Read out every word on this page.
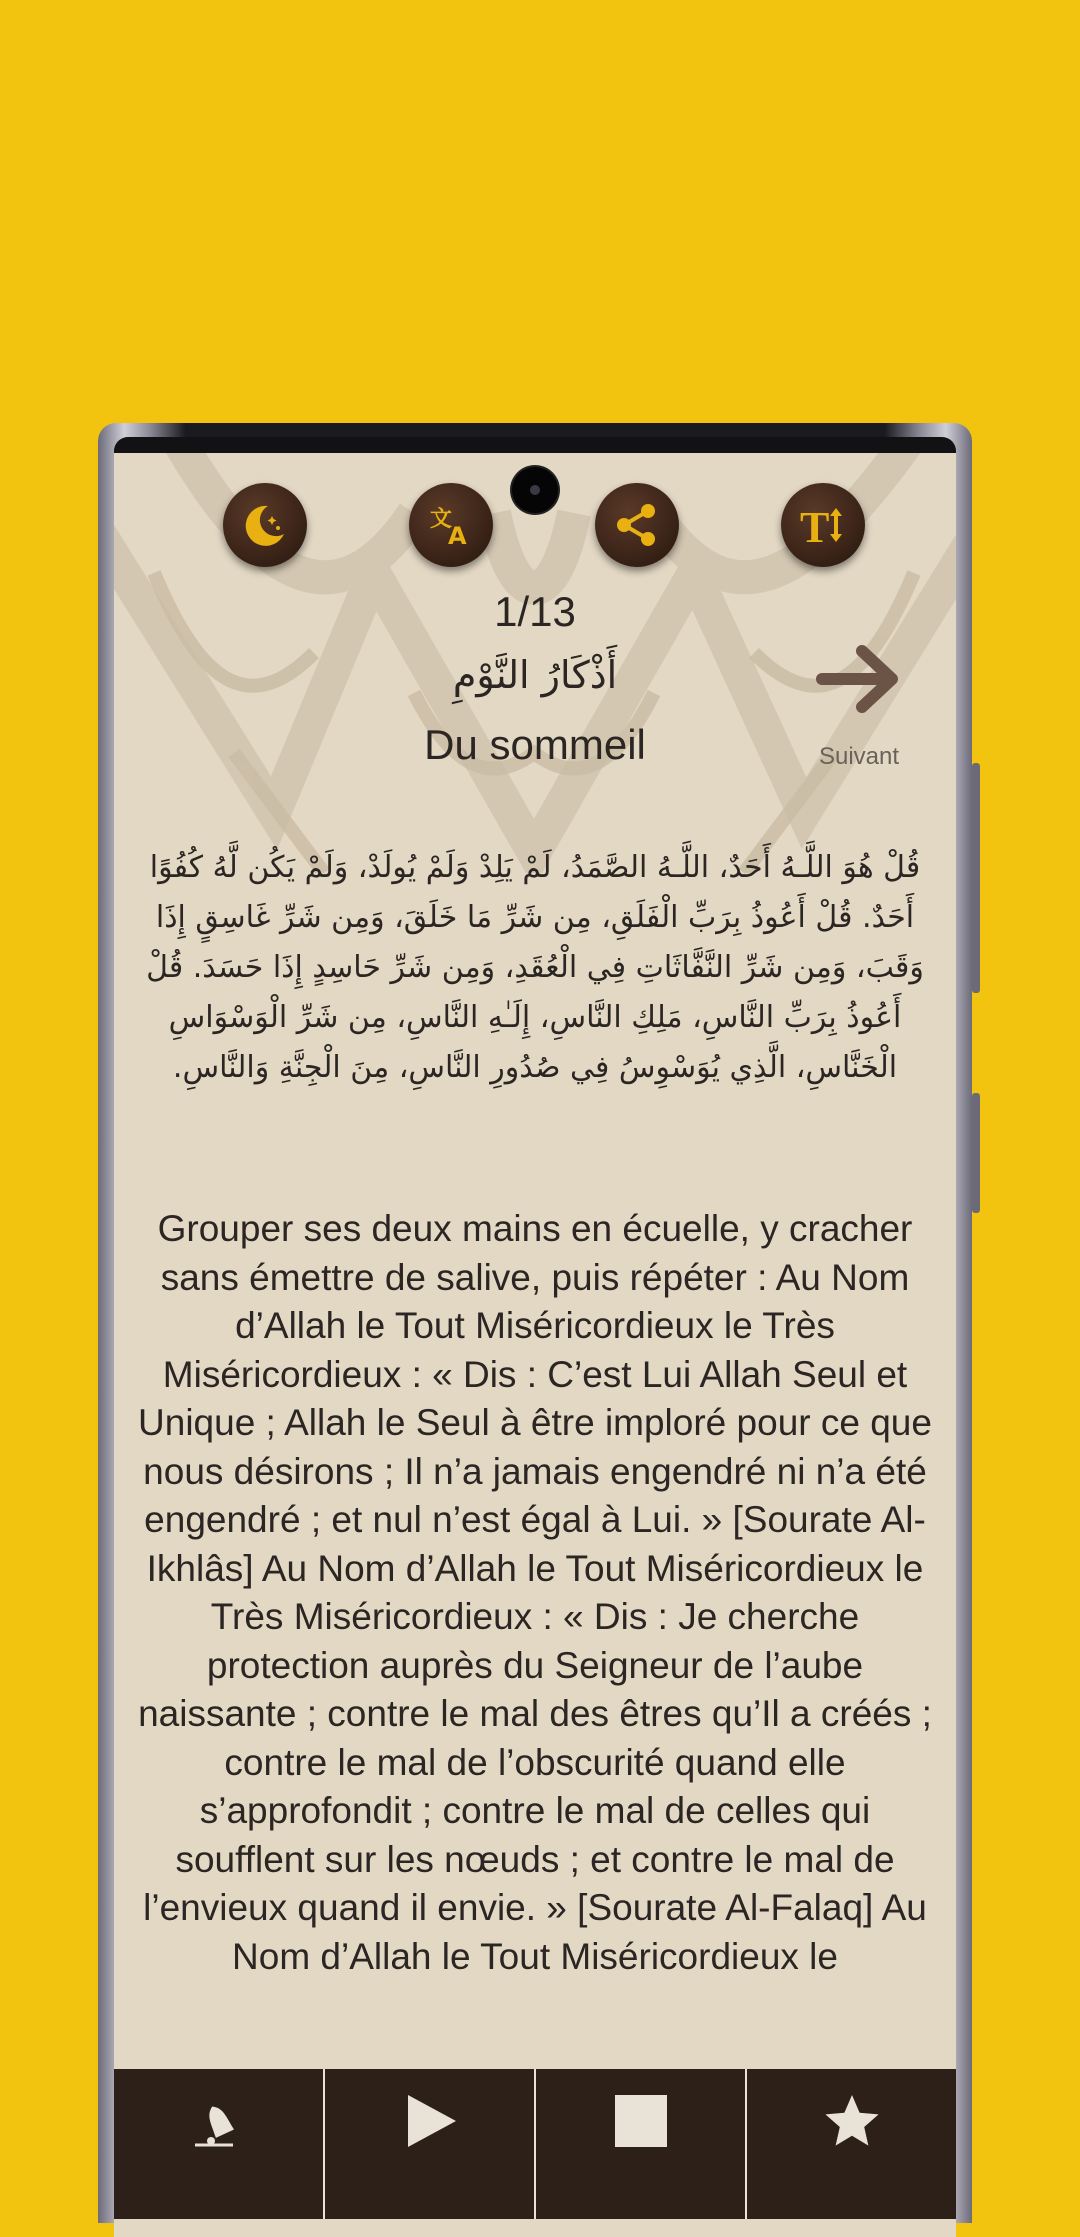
文
A	T
1/13
أَذْكَارُ النَّوْمِ
Du sommeil	Suivant
قُلْ هُوَ اللَّـهُ أَحَدٌ، اللَّـهُ الصَّمَدُ، لَمْ يَلِدْ وَلَمْ يُولَدْ، وَلَمْ يَكُن لَّهُ كُفُوًا أَحَدٌ. قُلْ أَعُوذُ بِرَبِّ الْفَلَقِ، مِن شَرِّ مَا خَلَقَ، وَمِن شَرِّ غَاسِقٍ إِذَا وَقَبَ، وَمِن شَرِّ النَّفَّاثَاتِ فِي الْعُقَدِ، وَمِن شَرِّ حَاسِدٍ إِذَا حَسَدَ. قُلْ أَعُوذُ بِرَبِّ النَّاسِ، مَلِكِ النَّاسِ، إِلَـٰهِ النَّاسِ، مِن شَرِّ الْوَسْوَاسِ الْخَنَّاسِ، الَّذِي يُوَسْوِسُ فِي صُدُورِ النَّاسِ، مِنَ الْجِنَّةِ وَالنَّاسِ.
Grouper ses deux mains en écuelle, y cracher sans émettre de salive, puis répéter : Au Nom d’Allah le Tout Miséricordieux le Très Miséricordieux : « Dis : C’est Lui Allah Seul et Unique ; Allah le Seul à être imploré pour ce que nous désirons ; Il n’a jamais engendré ni n’a été engendré ; et nul n’est égal à Lui. » [Sourate Al-Ikhlâs] Au Nom d’Allah le Tout Miséricordieux le Très Miséricordieux : « Dis : Je cherche protection auprès du Seigneur de l’aube naissante ; contre le mal des êtres qu’Il a créés ; contre le mal de l’obscurité quand elle s’approfondit ; contre le mal de celles qui soufflent sur les nœuds ; et contre le mal de l’envieux quand il envie. » [Sourate Al-Falaq] Au Nom d’Allah le Tout Miséricordieux le
